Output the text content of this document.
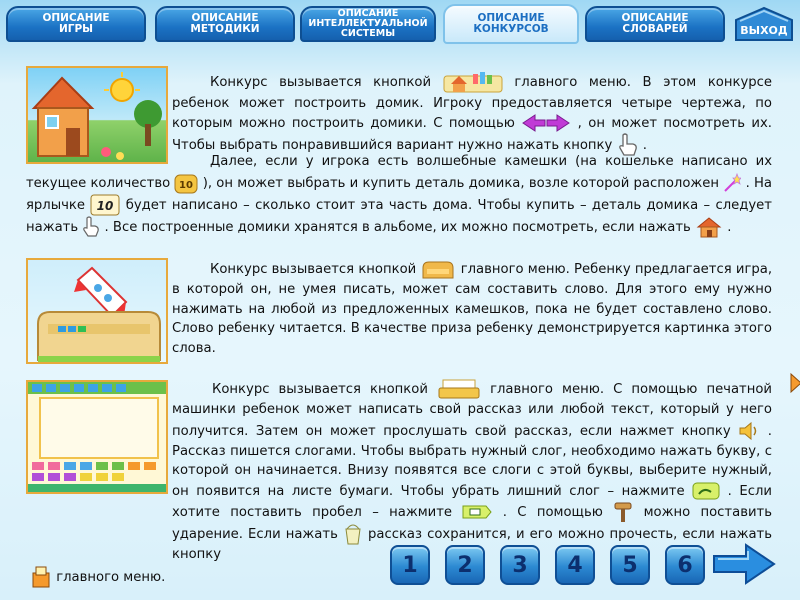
ОПИСАНИЕ
ИГРЫ
ОПИСАНИЕ
МЕТОДИКИ
ОПИСАНИЕ
ИНТЕЛЛЕКТУАЛЬНОЙ
СИСТЕМЫ
ОПИСАНИЕ
КОНКУРСОВ
ОПИСАНИЕ
СЛОВАРЕЙ	ВЫХОД

Конкурс вызывается кнопкой	главного меню. В этом конкурсе ребенок может построить домик. Игроку предоставляется четыре чертежа, по которым можно построить домики. С помощью	, он может посмотреть их. Чтобы выбрать понравившийся вариант нужно нажать кнопку .

Далее, если у игрока есть волшебные камешки (на кошельке написано их текущее количество 10 ), он может выбрать и купить деталь домика, возле которой расположен . На ярлычке 10 будет написано – сколько стоит эта часть дома. Чтобы купить – деталь домика – следует нажать . Все построенные домики хранятся в альбоме, их можно посмотреть, если нажать	.

Конкурс вызывается кнопкой	главного меню. Ребенку предлагается игра, в которой он, не умея писать, может сам составить слово. Для этого ему нужно нажимать на любой из предложенных камешков, пока не будет составлено слово. Слово ребенку читается. В качестве приза ребенку демонстрируется картинка этого слова.

Конкурс вызывается кнопкой	главного меню. С помощью печатной машинки ребенок может написать свой рассказ или любой текст, который у него получится. Затем он может прослушать свой рассказ, если нажмет кнопку	. Рассказ пишется слогами. Чтобы выбрать нужный слог, необходимо нажать букву, с которой он начинается. Внизу появятся все слоги с этой буквы, выберите нужный, он появится на листе бумаги. Чтобы убрать лишний слог – нажмите	. Если хотите поставить пробел – нажмите	. С помощью	можно поставить ударение. Если нажать рассказ сохранится, и его можно прочесть, если нажать кнопку
главного меню.	1 2 3 4 5 6
